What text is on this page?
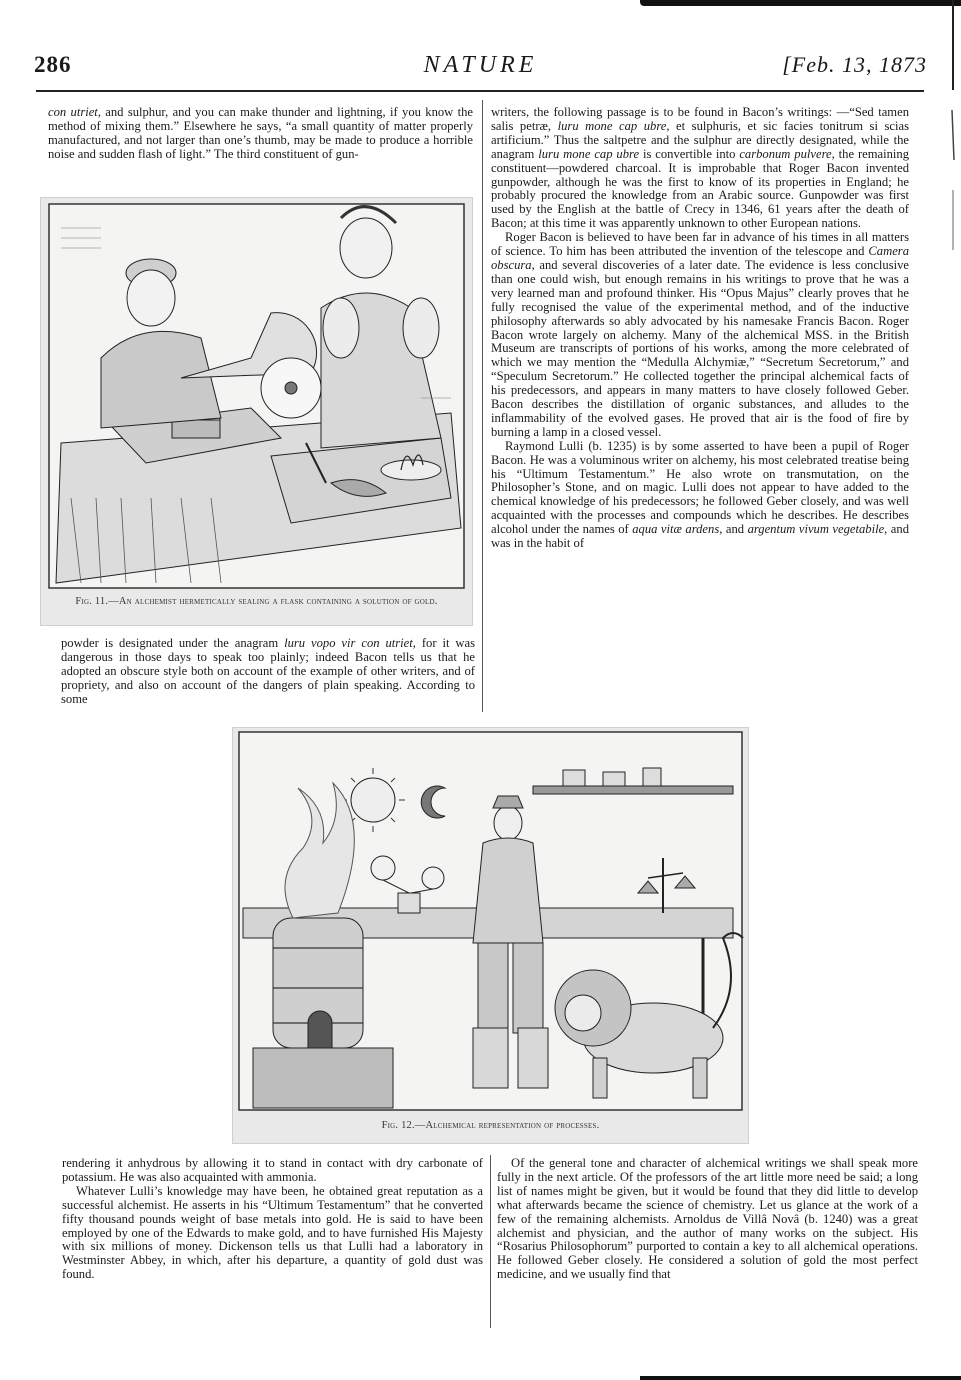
286	NATURE	[Feb. 13, 1873

con utriet, and sulphur, and you can make thunder and lightning, if you know the method of mixing them.” Elsewhere he says, “a small quantity of matter properly manufactured, and not larger than one’s thumb, may be made to produce a horrible noise and sudden flash of light.” The third constituent of gun-

Fig. 11.—An alchemist hermetically sealing a flask containing a solution of gold.

powder is designated under the anagram luru vopo vir con utriet, for it was dangerous in those days to speak too plainly; indeed Bacon tells us that he adopted an obscure style both on account of the example of other writers, and of propriety, and also on account of the dangers of plain speaking. According to some

writers, the following passage is to be found in Bacon’s writings: —“Sed tamen salis petræ, luru mone cap ubre, et sulphuris, et sic facies tonitrum si scias artificium.” Thus the saltpetre and the sulphur are directly designated, while the anagram luru mone cap ubre is convertible into carbonum pulvere, the remaining constituent—powdered charcoal. It is improbable that Roger Bacon invented gunpowder, although he was the first to know of its properties in England; he probably procured the knowledge from an Arabic source. Gunpowder was first used by the English at the battle of Crecy in 1346, 61 years after the death of Bacon; at this time it was apparently unknown to other European nations.

Roger Bacon is believed to have been far in advance of his times in all matters of science. To him has been attributed the invention of the telescope and Camera obscura, and several discoveries of a later date. The evidence is less conclusive than one could wish, but enough remains in his writings to prove that he was a very learned man and profound thinker. His “Opus Majus” clearly proves that he fully recognised the value of the experimental method, and of the inductive philosophy afterwards so ably advocated by his namesake Francis Bacon. Roger Bacon wrote largely on alchemy. Many of the alchemical MSS. in the British Museum are transcripts of portions of his works, among the more celebrated of which we may mention the “Medulla Alchymiæ,” “Secretum Secretorum,” and “Speculum Secretorum.” He collected together the principal alchemical facts of his predecessors, and appears in many matters to have closely followed Geber. Bacon describes the distillation of organic substances, and alludes to the inflammability of the evolved gases. He proved that air is the food of fire by burning a lamp in a closed vessel.

Raymond Lulli (b. 1235) is by some asserted to have been a pupil of Roger Bacon. He was a voluminous writer on alchemy, his most celebrated treatise being his “Ultimum Testamentum.” He also wrote on transmutation, on the Philosopher’s Stone, and on magic. Lulli does not appear to have added to the chemical knowledge of his predecessors; he followed Geber closely, and was well acquainted with the processes and compounds which he describes. He describes alcohol under the names of aqua vitæ ardens, and argentum vivum vegetabile, and was in the habit of

Fig. 12.—Alchemical representation of processes.

rendering it anhydrous by allowing it to stand in contact with dry carbonate of potassium. He was also acquainted with ammonia.

Whatever Lulli’s knowledge may have been, he obtained great reputation as a successful alchemist. He asserts in his “Ultimum Testamentum” that he converted fifty thousand pounds weight of base metals into gold. He is said to have been employed by one of the Edwards to make gold, and to have furnished His Majesty with six millions of money. Dickenson tells us that Lulli had a laboratory in Westminster Abbey, in which, after his departure, a quantity of gold dust was found.

Of the general tone and character of alchemical writings we shall speak more fully in the next article. Of the professors of the art little more need be said; a long list of names might be given, but it would be found that they did little to develop what afterwards became the science of chemistry. Let us glance at the work of a few of the remaining alchemists. Arnoldus de Villâ Novâ (b. 1240) was a great alchemist and physician, and the author of many works on the subject. His “Rosarius Philosophorum” purported to contain a key to all alchemical operations. He followed Geber closely. He considered a solution of gold the most perfect medicine, and we usually find that
